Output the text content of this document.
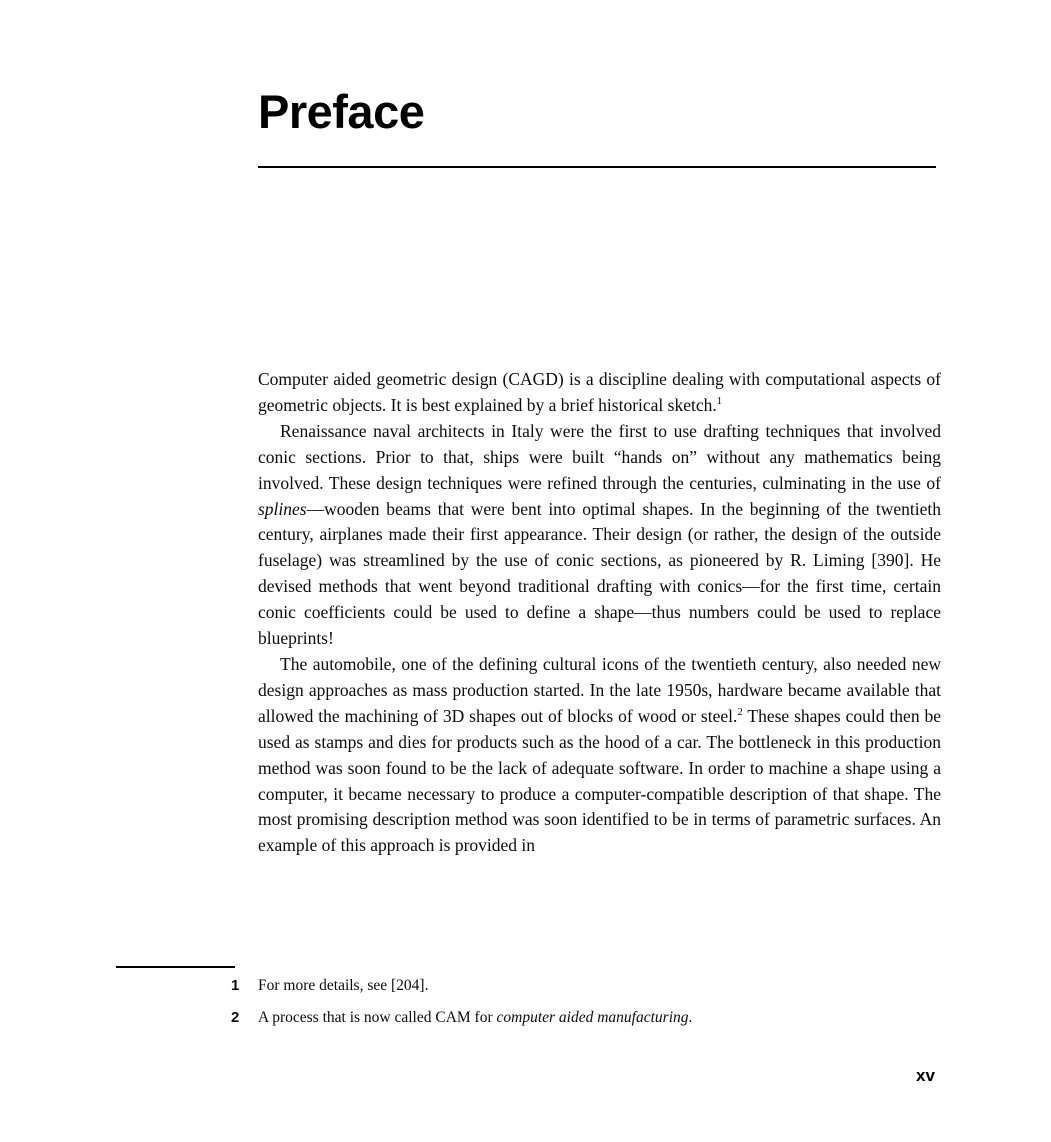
Preface

Computer aided geometric design (CAGD) is a discipline dealing with computational aspects of geometric objects. It is best explained by a brief historical sketch.$^1$

Renaissance naval architects in Italy were the first to use drafting techniques that involved conic sections. Prior to that, ships were built “hands on” without any mathematics being involved. These design techniques were refined through the centuries, culminating in the use of splines—wooden beams that were bent into optimal shapes. In the beginning of the twentieth century, airplanes made their first appearance. Their design (or rather, the design of the outside fuselage) was streamlined by the use of conic sections, as pioneered by R. Liming [390]. He devised methods that went beyond traditional drafting with conics—for the first time, certain conic coefficients could be used to define a shape—thus numbers could be used to replace blueprints!

The automobile, one of the defining cultural icons of the twentieth century, also needed new design approaches as mass production started. In the late 1950s, hardware became available that allowed the machining of 3D shapes out of blocks of wood or steel.$^2$ These shapes could then be used as stamps and dies for products such as the hood of a car. The bottleneck in this production method was soon found to be the lack of adequate software. In order to machine a shape using a computer, it became necessary to produce a computer-compatible description of that shape. The most promising description method was soon identified to be in terms of parametric surfaces. An example of this approach is provided in

1	For more details, see [204].
2	A process that is now called CAM for computer aided manufacturing.
xv
